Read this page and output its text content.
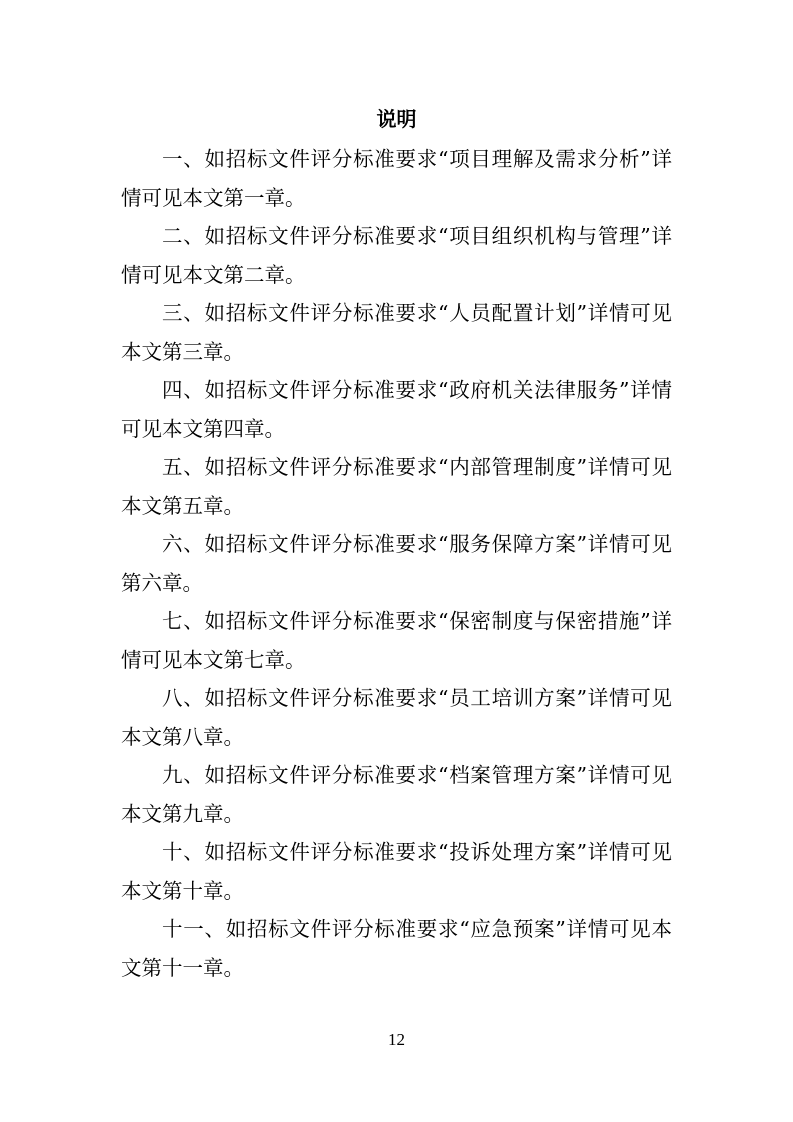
说明

一、如招标文件评分标准要求“项目理解及需求分析”详情可见本文第一章。

二、如招标文件评分标准要求“项目组织机构与管理”详情可见本文第二章。

三、如招标文件评分标准要求“人员配置计划”详情可见本文第三章。

四、如招标文件评分标准要求“政府机关法律服务”详情可见本文第四章。

五、如招标文件评分标准要求“内部管理制度”详情可见本文第五章。

六、如招标文件评分标准要求“服务保障方案”详情可见第六章。

七、如招标文件评分标准要求“保密制度与保密措施”详情可见本文第七章。

八、如招标文件评分标准要求“员工培训方案”详情可见本文第八章。

九、如招标文件评分标准要求“档案管理方案”详情可见本文第九章。

十、如招标文件评分标准要求“投诉处理方案”详情可见本文第十章。

十一、如招标文件评分标准要求“应急预案”详情可见本文第十一章。

12
